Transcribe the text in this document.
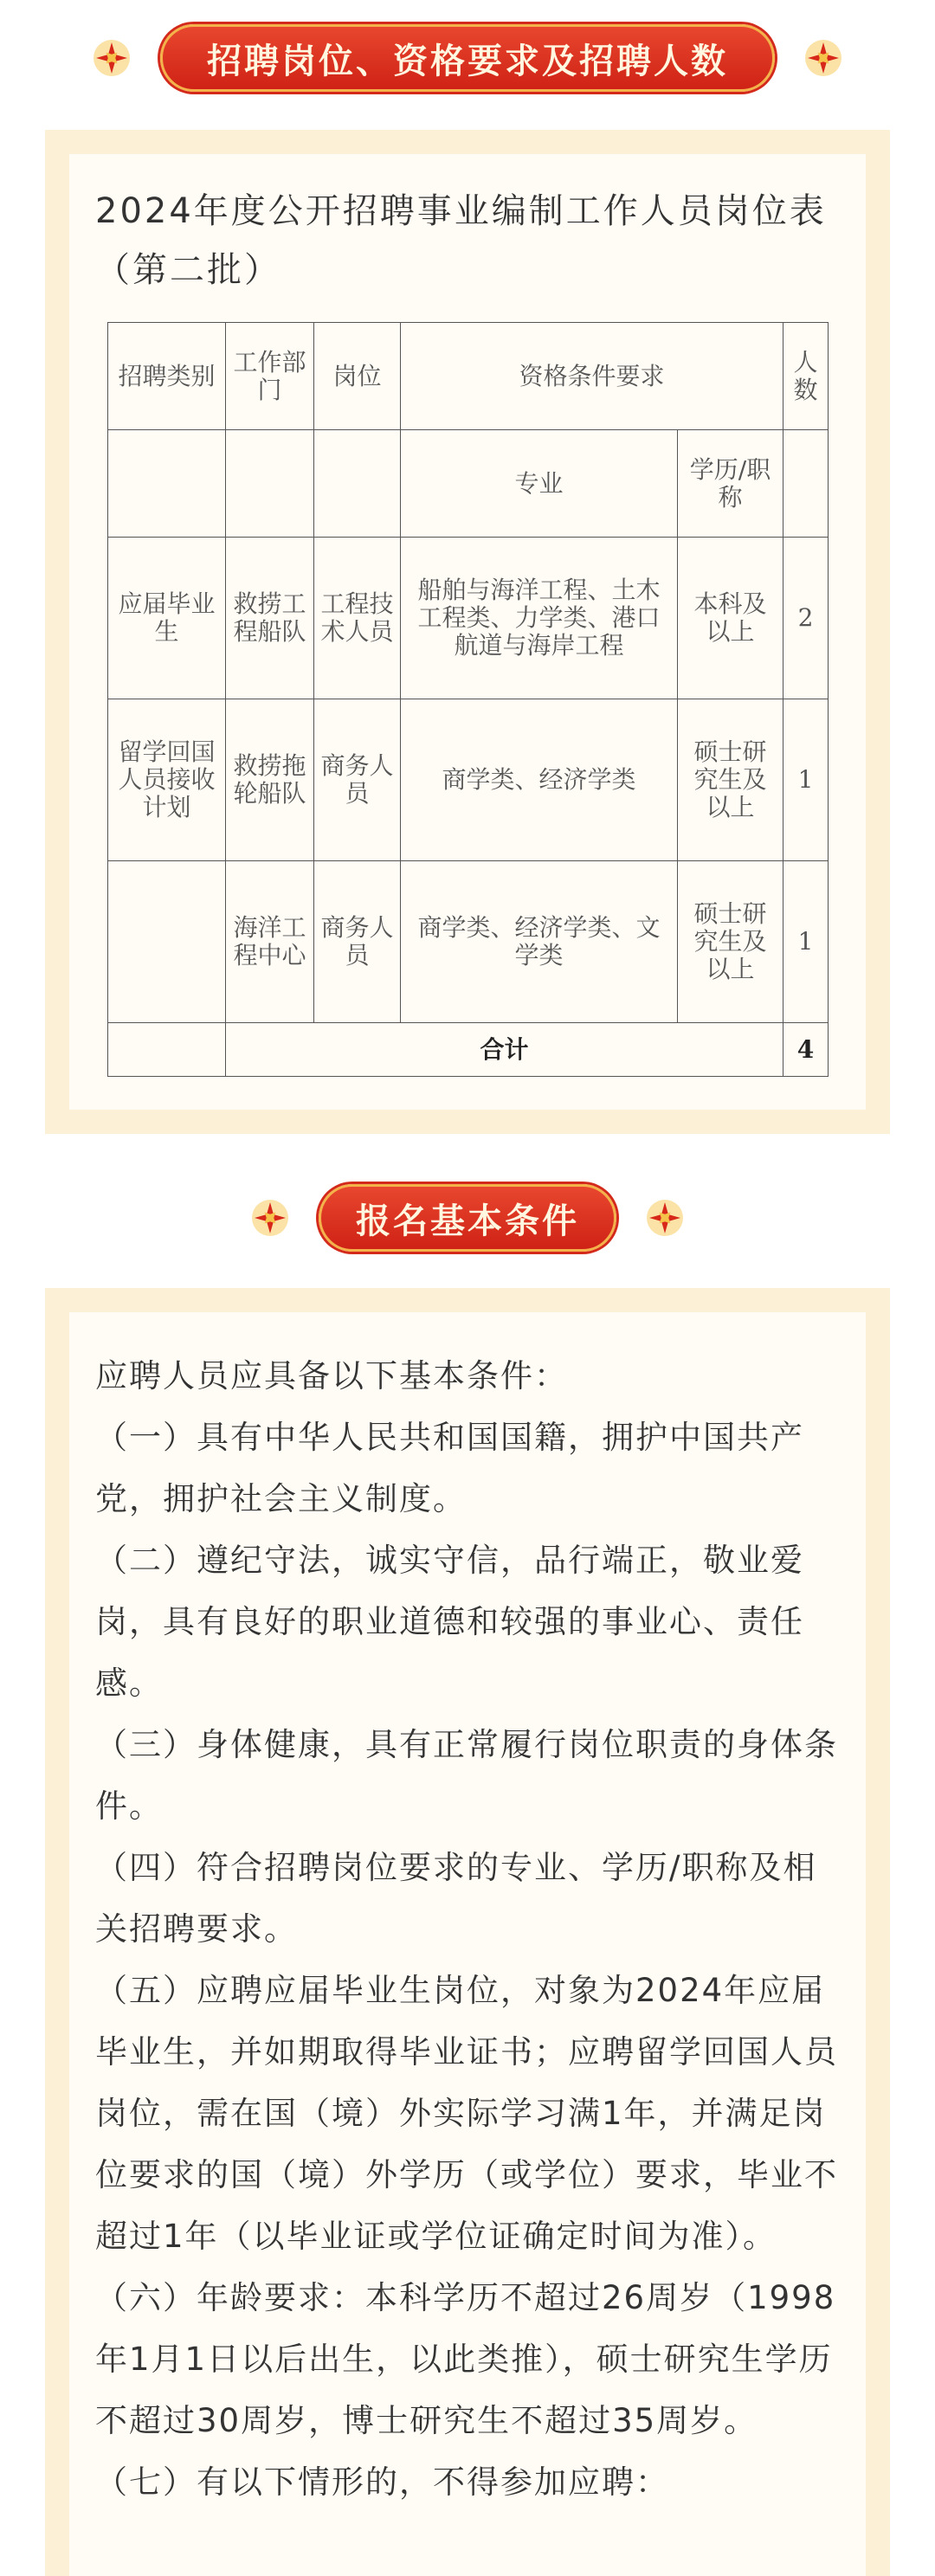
招聘岗位、资格要求及招聘人数
2024年度公开招聘事业编制工作人员岗位表（第二批）
招聘类别	工作部门	岗位	资格条件要求		人数
			专业	学历/职称	
应届毕业生	救捞工程船队	工程技术人员	船舶与海洋工程、土木工程类、力学类、港口航道与海岸工程	本科及以上	2
留学回国人员接收计划	救捞拖轮船队	商务人员	商学类、经济学类	硕士研究生及以上	1
	海洋工程中心	商务人员	商学类、经济学类、文学类	硕士研究生及以上	1
	合计				4
报名基本条件

应聘人员应具备以下基本条件：

（一）具有中华人民共和国国籍，拥护中国共产党，拥护社会主义制度。

（二）遵纪守法，诚实守信，品行端正，敬业爱岗，具有良好的职业道德和较强的事业心、责任感。

（三）身体健康，具有正常履行岗位职责的身体条件。

（四）符合招聘岗位要求的专业、学历/职称及相关招聘要求。

（五）应聘应届毕业生岗位，对象为2024年应届毕业生，并如期取得毕业证书；应聘留学回国人员岗位，需在国（境）外实际学习满1年，并满足岗位要求的国（境）外学历（或学位）要求，毕业不超过1年（以毕业证或学位证确定时间为准）。

（六）年龄要求：本科学历不超过26周岁（1998年1月1日以后出生，以此类推），硕士研究生学历不超过30周岁，博士研究生不超过35周岁。

（七）有以下情形的，不得参加应聘：
